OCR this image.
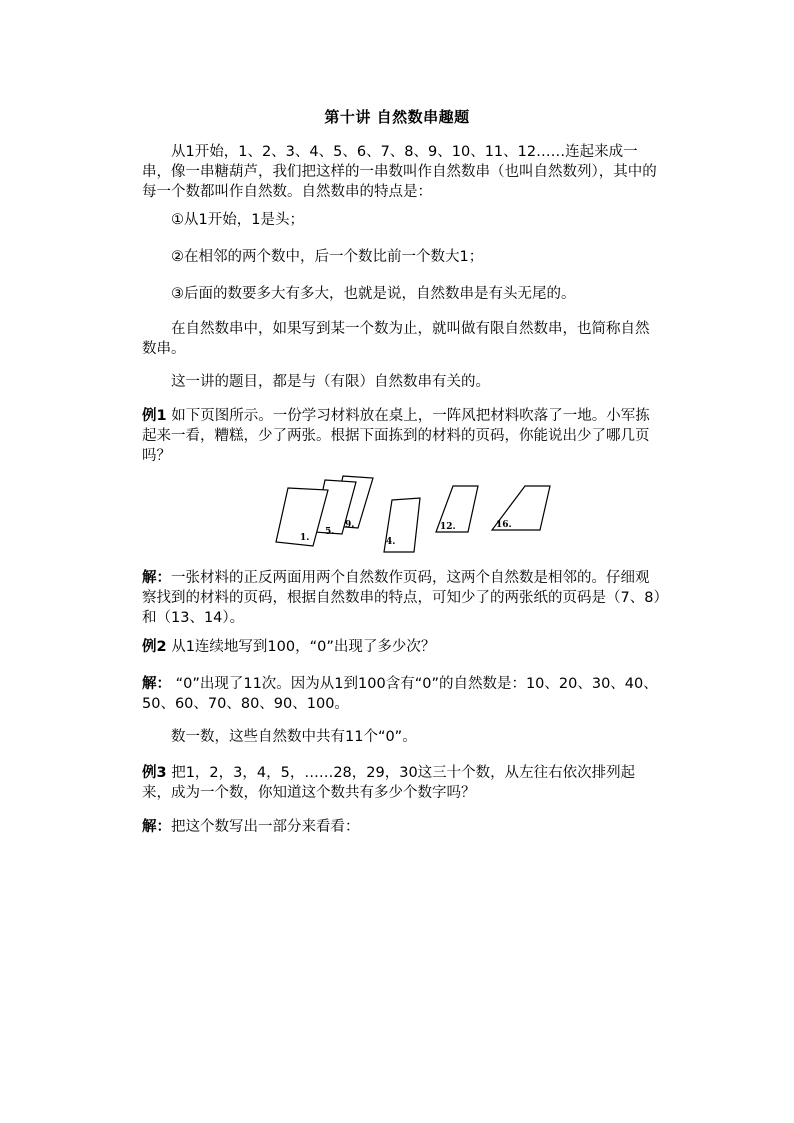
第十讲 自然数串趣题

从1开始，1、2、3、4、5、6、7、8、9、10、11、12……连起来成一串，像一串糖葫芦，我们把这样的一串数叫作自然数串（也叫自然数列），其中的每一个数都叫作自然数。自然数串的特点是：

①从1开始，1是头；

②在相邻的两个数中，后一个数比前一个数大1；

③后面的数要多大有多大，也就是说，自然数串是有头无尾的。

在自然数串中，如果写到某一个数为止，就叫做有限自然数串，也简称自然数串。

这一讲的题目，都是与（有限）自然数串有关的。

例1 如下页图所示。一份学习材料放在桌上，一阵风把材料吹落了一地。小军拣起来一看，糟糕，少了两张。根据下面拣到的材料的页码，你能说出少了哪几页吗？

1.
5.
9.
4.
12.	16.

解：一张材料的正反两面用两个自然数作页码，这两个自然数是相邻的。仔细观察找到的材料的页码，根据自然数串的特点，可知少了的两张纸的页码是（7、8）和（13、14）。

例2 从1连续地写到100，“0”出现了多少次？

解： “0”出现了11次。因为从1到100含有“0”的自然数是：10、20、30、40、50、60、70、80、90、100。

数一数，这些自然数中共有11个“0”。

例3 把1，2，3，4，5，……28，29，30这三十个数，从左往右依次排列起来，成为一个数，你知道这个数共有多少个数字吗？

解：把这个数写出一部分来看看：
